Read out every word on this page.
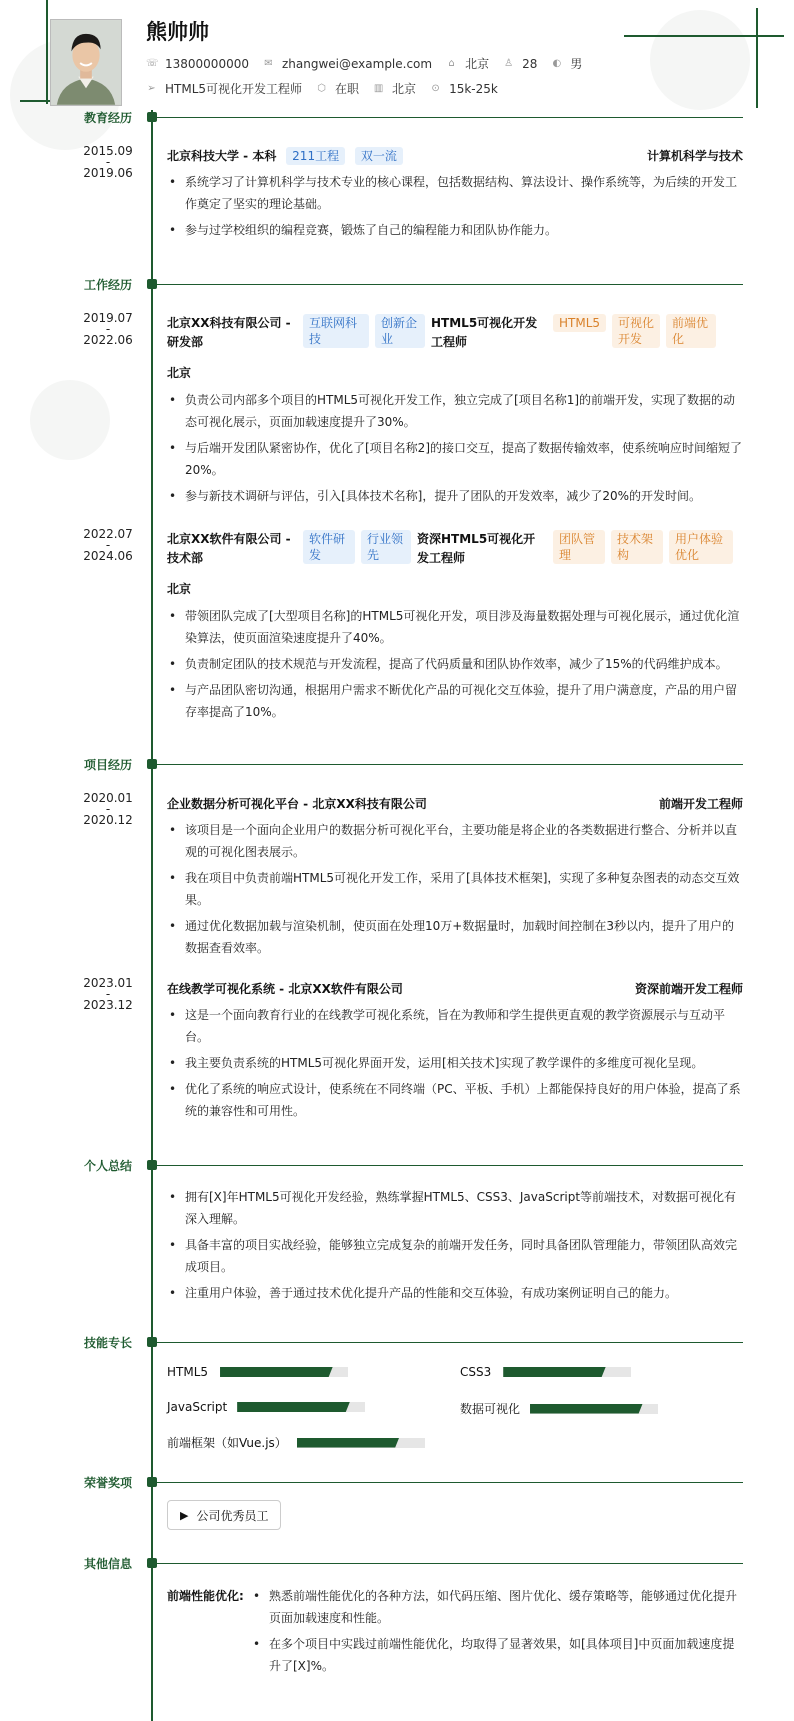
熊帅帅
☏ 13800000000 ✉ zhangwei@example.com ⌂ 北京 ♙ 28 ◐ 男
➢ HTML5可视化开发工程师 ⬡ 在职 ▥ 北京 ⊙ 15k-25k
教育经历
2015.09
-
2019.06
北京科技大学 - 本科 211工程 双一流	计算机科学与技术
• 系统学习了计算机科学与技术专业的核心课程，包括数据结构、算法设计、操作系统等，为后续的开发工作奠定了坚实的理论基础。
• 参与过学校组织的编程竞赛，锻炼了自己的编程能力和团队协作能力。
工作经历
2019.07
-
2022.06
北京XX科技有限公司 - 研发部
互联网科技
创新企业
HTML5可视化开发工程师
HTML5	可视化开发
前端优化
北京
• 负责公司内部多个项目的HTML5可视化开发工作，独立完成了[项目名称1]的前端开发，实现了数据的动态可视化展示，页面加载速度提升了30%。
• 与后端开发团队紧密协作，优化了[项目名称2]的接口交互，提高了数据传输效率，使系统响应时间缩短了20%。
• 参与新技术调研与评估，引入[具体技术名称]，提升了团队的开发效率，减少了20%的开发时间。
2022.07
-
2024.06
北京XX软件有限公司 - 技术部
软件研发
行业领先
资深HTML5可视化开发工程师
团队管理
技术架构
用户体验优化
北京
• 带领团队完成了[大型项目名称]的HTML5可视化开发，项目涉及海量数据处理与可视化展示，通过优化渲染算法，使页面渲染速度提升了40%。
• 负责制定团队的技术规范与开发流程，提高了代码质量和团队协作效率，减少了15%的代码维护成本。
• 与产品团队密切沟通，根据用户需求不断优化产品的可视化交互体验，提升了用户满意度，产品的用户留存率提高了10%。
项目经历
2020.01
-
2020.12
企业数据分析可视化平台 - 北京XX科技有限公司	前端开发工程师
• 该项目是一个面向企业用户的数据分析可视化平台，主要功能是将企业的各类数据进行整合、分析并以直观的可视化图表展示。
• 我在项目中负责前端HTML5可视化开发工作，采用了[具体技术框架]，实现了多种复杂图表的动态交互效果。
• 通过优化数据加载与渲染机制，使页面在处理10万+数据量时，加载时间控制在3秒以内，提升了用户的数据查看效率。
2023.01
-
2023.12
在线教学可视化系统 - 北京XX软件有限公司	资深前端开发工程师
• 这是一个面向教育行业的在线教学可视化系统，旨在为教师和学生提供更直观的教学资源展示与互动平台。
• 我主要负责系统的HTML5可视化界面开发，运用[相关技术]实现了教学课件的多维度可视化呈现。
• 优化了系统的响应式设计，使系统在不同终端（PC、平板、手机）上都能保持良好的用户体验，提高了系统的兼容性和可用性。
个人总结
• 拥有[X]年HTML5可视化开发经验，熟练掌握HTML5、CSS3、JavaScript等前端技术，对数据可视化有深入理解。
• 具备丰富的项目实战经验，能够独立完成复杂的前端开发任务，同时具备团队管理能力，带领团队高效完成项目。
• 注重用户体验，善于通过技术优化提升产品的性能和交互体验，有成功案例证明自己的能力。
技能专长
HTML5	CSS3
JavaScript	数据可视化
前端框架（如Vue.js）
荣誉奖项
▶ 公司优秀员工
其他信息
前端性能优化:
•	熟悉前端性能优化的各种方法，如代码压缩、图片优化、缓存策略等，能够通过优化提升页面加载速度和性能。
• 在多个项目中实践过前端性能优化，均取得了显著效果，如[具体项目]中页面加载速度提升了[X]%。
